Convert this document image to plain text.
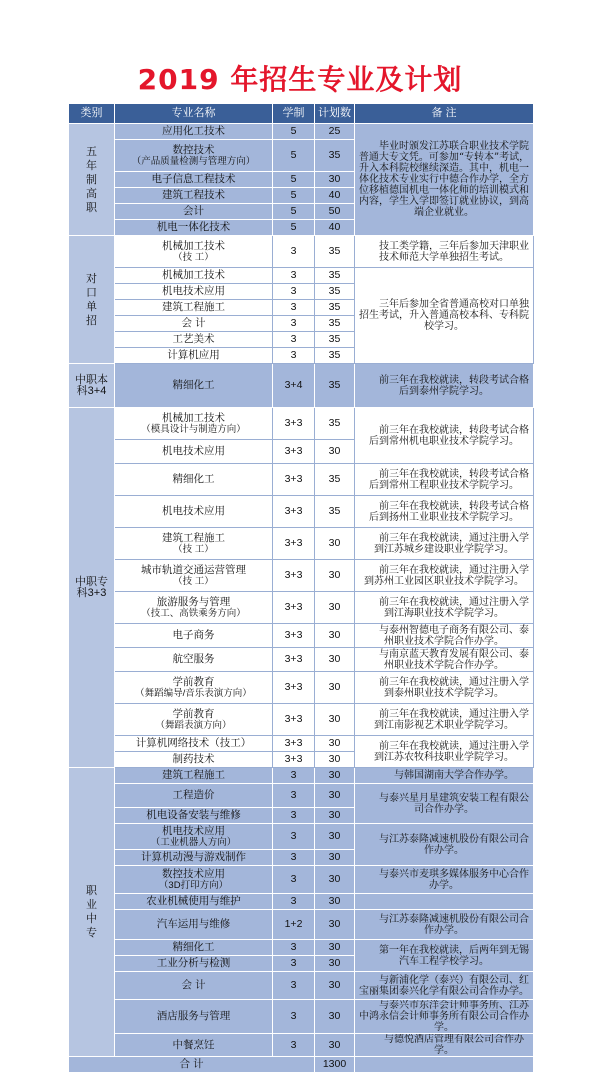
2019 年招生专业及计划
类别	专业名称	学制	计划数	备 注
五年制高职	应用化工技术	5	25	毕业时颁发江苏联合职业技术学院普通大专文凭。可参加“专转本”考试，升入本科院校继续深造。其中，机电一体化技术专业实行中德合作办学，全方位移植德国机电一体化师的培训模式和内容，学生入学即签订就业协议，到高端企业就业。
	数控技术
（产品质量检测与管理方向）	5	35	
	电子信息工程技术	5	30	
	建筑工程技术	5	40	
	会计	5	50	
	机电一体化技术	5	40	
对口单招	机械加工技术
（技 工）	3	35	技工类学籍，三年后参加天津职业技术师范大学单独招生考试。
	机械加工技术	3	35	三年后参加全省普通高校对口单独招生考试，升入普通高校本科、专科院校学习。
	机电技术应用	3	35	
	建筑工程施工	3	35	
	会 计	3	35	
	工艺美术	3	35	
	计算机应用	3	35	
中职本科3+4	精细化工	3+4	35	前三年在我校就读，转段考试合格后到泰州学院学习。
中职专科3+3	机械加工技术
（模具设计与制造方向）	3+3	35	前三年在我校就读，转段考试合格后到常州机电职业技术学院学习。
	机电技术应用	3+3	30	
	精细化工	3+3	35	前三年在我校就读，转段考试合格后到常州工程职业技术学院学习。
	机电技术应用	3+3	35	前三年在我校就读，转段考试合格后到扬州工业职业技术学院学习。
	建筑工程施工
（技 工）	3+3	30	前三年在我校就读，通过注册入学到江苏城乡建设职业学院学习。
	城市轨道交通运营管理
（技 工）	3+3	30	前三年在我校就读，通过注册入学到苏州工业园区职业技术学院学习。
	旅游服务与管理
（技工、高铁乘务方向）	3+3	30	前三年在我校就读，通过注册入学到江海职业技术学院学习。
	电子商务	3+3	30	与泰州智德电子商务有限公司、泰州职业技术学院合作办学。
	航空服务	3+3	30	与南京蓝天教育发展有限公司、泰州职业技术学院合作办学。
	学前教育
（舞蹈编导/音乐表演方向）	3+3	30	前三年在我校就读，通过注册入学到泰州职业技术学院学习。
	学前教育
（舞蹈表演方向）	3+3	30	前三年在我校就读，通过注册入学到江南影视艺术职业学院学习。
	计算机网络技术（技工）	3+3	30	前三年在我校就读，通过注册入学到江苏农牧科技职业学院学习。
	制药技术	3+3	30	
职业中专	建筑工程施工	3	30	与韩国湖南大学合作办学。
	工程造价	3	30	与泰兴星月星建筑安装工程有限公司合作办学。
	机电设备安装与维修	3	30	
	机电技术应用
（工业机器人方向）	3	30	与江苏泰隆减速机股份有限公司合作办学。
	计算机动漫与游戏制作	3	30	
	数控技术应用
（3D打印方向）	3	30	与泰兴市麦琪多媒体服务中心合作办学。
	农业机械使用与维护	3	30	
	汽车运用与维修	1+2	30	与江苏泰隆减速机股份有限公司合作办学。
	精细化工	3	30	第一年在我校就读，后两年到无锡汽车工程学校学习。
	工业分析与检测	3	30	
	会 计	3	30	与新浦化学（泰兴）有限公司、红宝丽集团泰兴化学有限公司合作办学。
	酒店服务与管理	3	30	与泰兴市东洋会计师事务所、江苏中鸿永信会计师事务所有限公司合作办学。
	中餐烹饪	3	30	与德悦酒店管理有限公司合作办学。
合 计			1300	
